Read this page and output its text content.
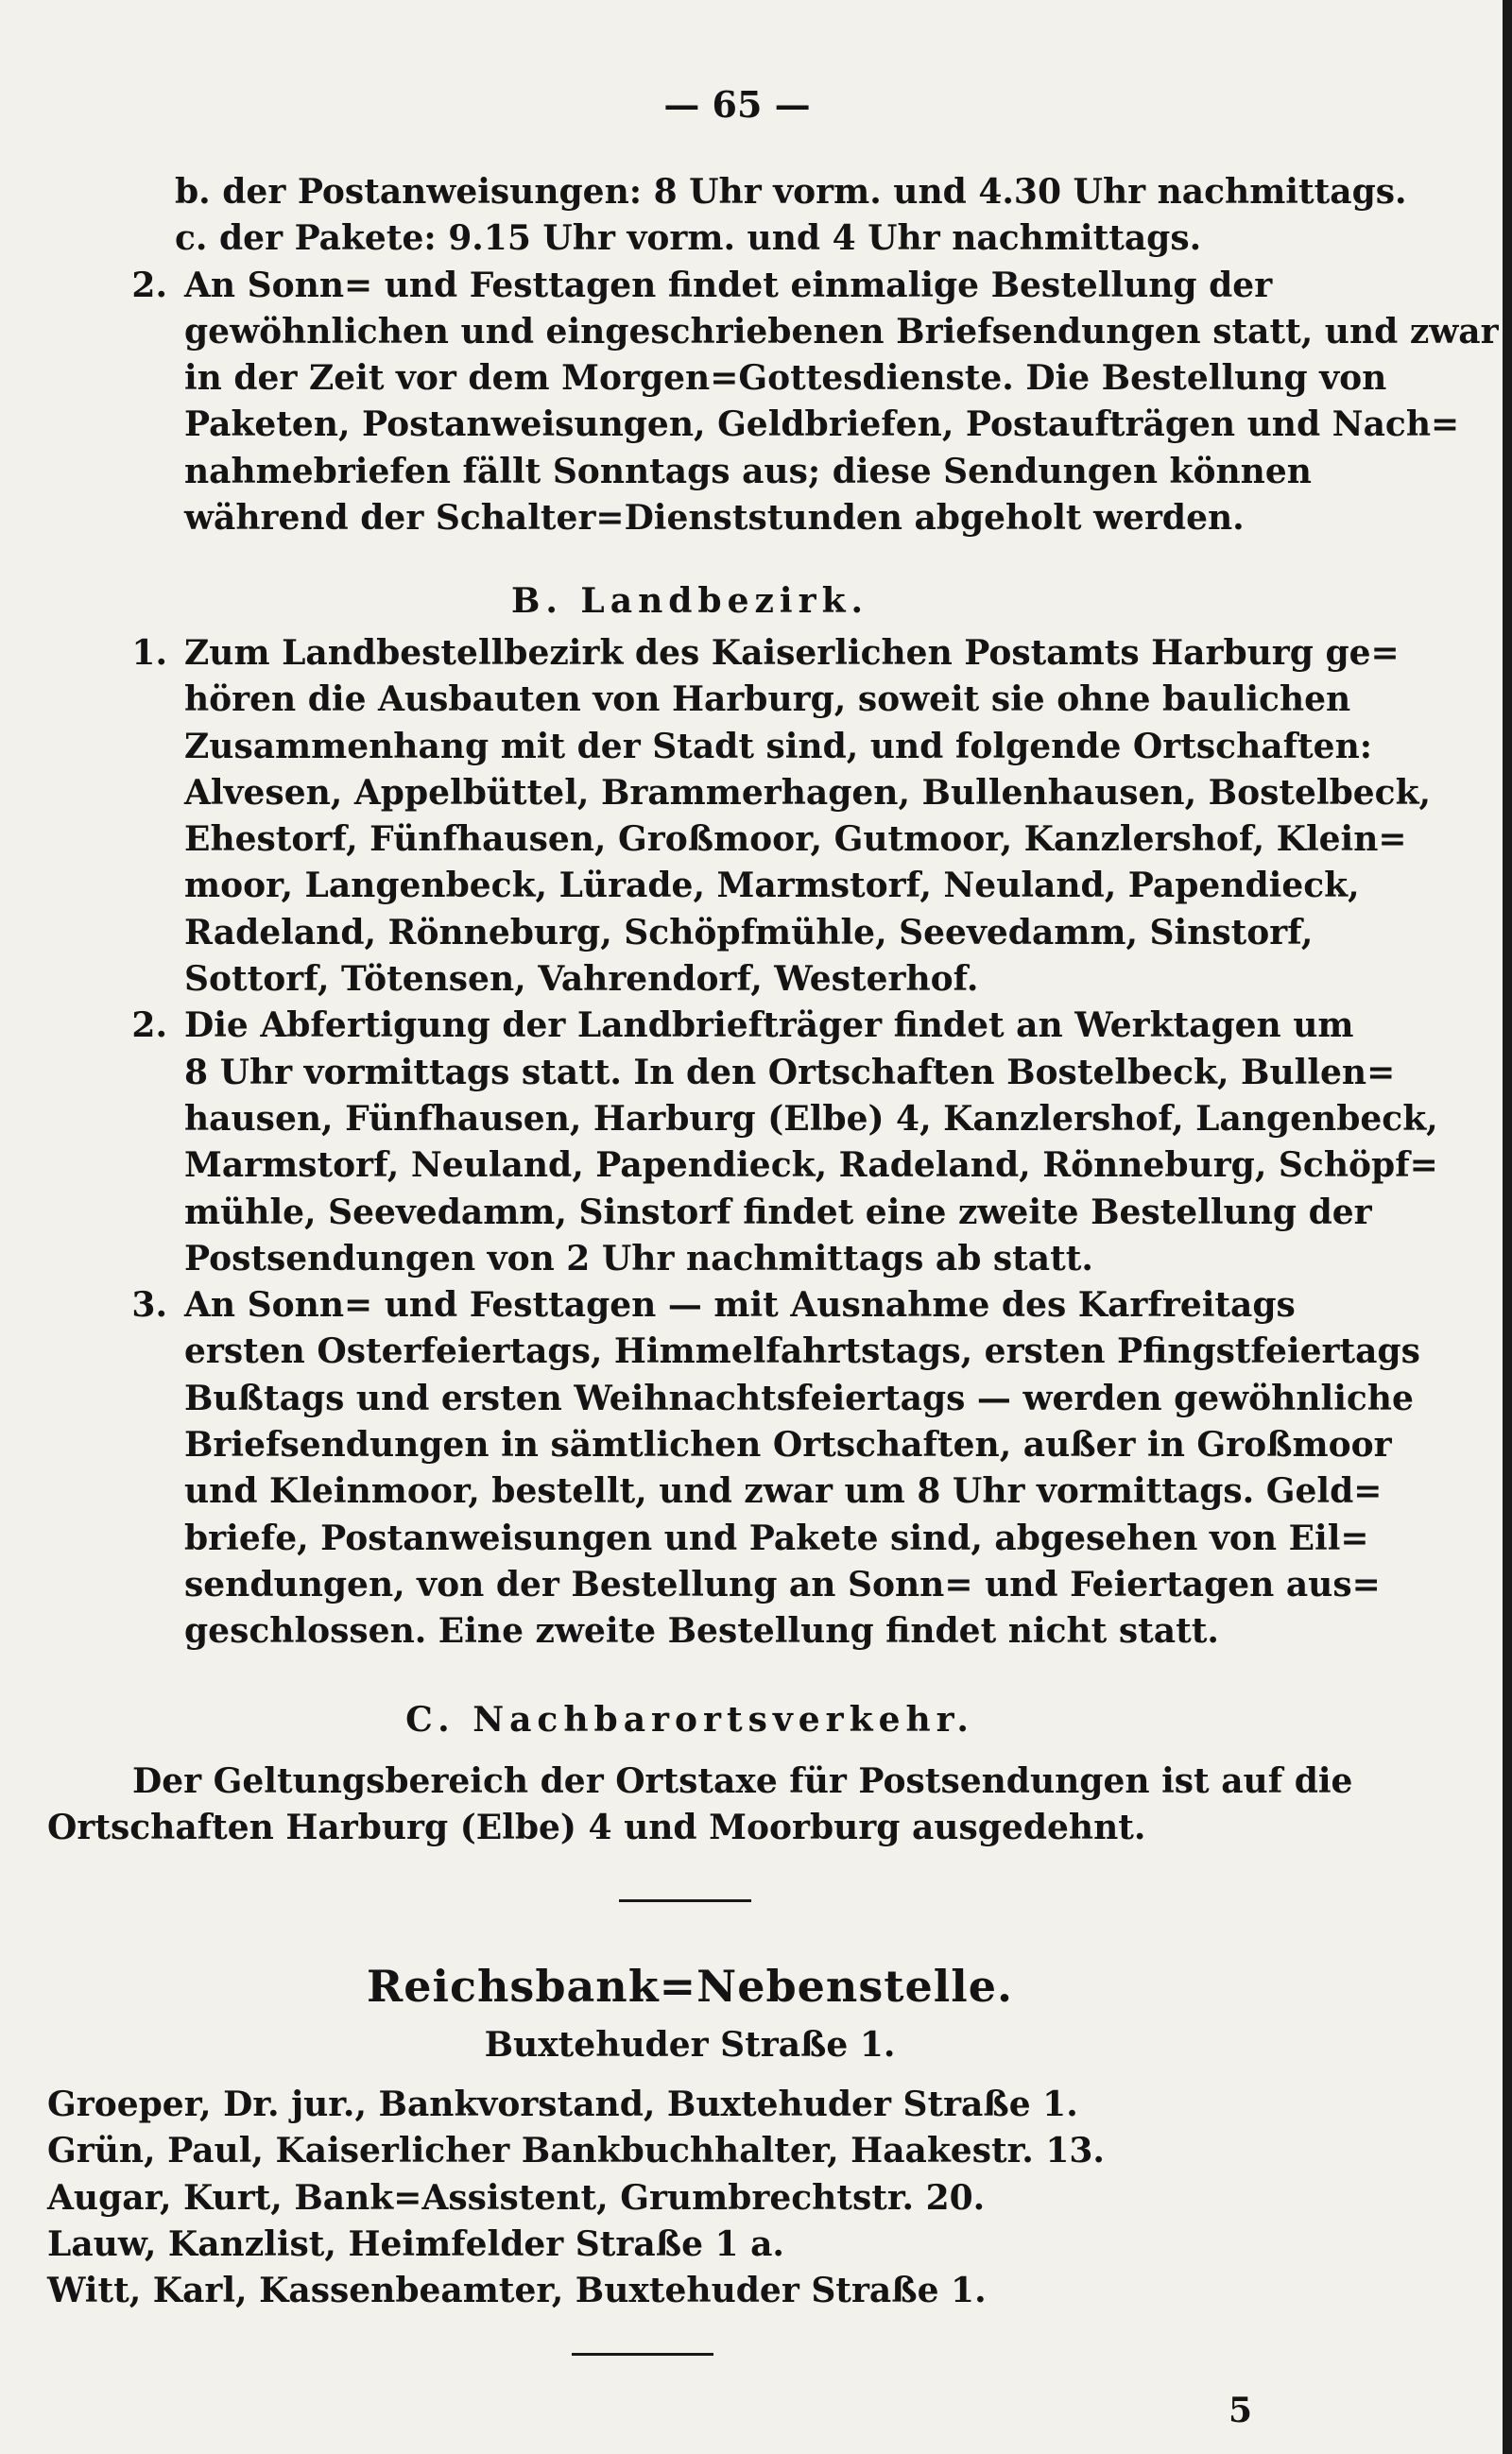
— 65 —
b. der Postanweisungen: 8 Uhr vorm. und 4.30 Uhr nachmittags.
c. der Pakete: 9.15 Uhr vorm. und 4 Uhr nachmittags.
2. An Sonn= und Festtagen findet einmalige Bestellung der
gewöhnlichen und eingeschriebenen Briefsendungen statt, und zwar
in der Zeit vor dem Morgen=Gottesdienste. Die Bestellung von
Paketen, Postanweisungen, Geldbriefen, Postaufträgen und Nach=
nahmebriefen fällt Sonntags aus; diese Sendungen können
während der Schalter=Dienststunden abgeholt werden.
B. Landbezirk.
1. Zum Landbestellbezirk des Kaiserlichen Postamts Harburg ge=
hören die Ausbauten von Harburg, soweit sie ohne baulichen
Zusammenhang mit der Stadt sind, und folgende Ortschaften:
Alvesen, Appelbüttel, Brammerhagen, Bullenhausen, Bostelbeck,
Ehestorf, Fünfhausen, Großmoor, Gutmoor, Kanzlershof, Klein=
moor, Langenbeck, Lürade, Marmstorf, Neuland, Papendieck,
Radeland, Rönneburg, Schöpfmühle, Seevedamm, Sinstorf,
Sottorf, Tötensen, Vahrendorf, Westerhof.
2. Die Abfertigung der Landbriefträger findet an Werktagen um
8 Uhr vormittags statt. In den Ortschaften Bostelbeck, Bullen=
hausen, Fünfhausen, Harburg (Elbe) 4, Kanzlershof, Langenbeck,
Marmstorf, Neuland, Papendieck, Radeland, Rönneburg, Schöpf=
mühle, Seevedamm, Sinstorf findet eine zweite Bestellung der
Postsendungen von 2 Uhr nachmittags ab statt.
3. An Sonn= und Festtagen — mit Ausnahme des Karfreitags
ersten Osterfeiertags, Himmelfahrtstags, ersten Pfingstfeiertags
Bußtags und ersten Weihnachtsfeiertags — werden gewöhnliche
Briefsendungen in sämtlichen Ortschaften, außer in Großmoor
und Kleinmoor, bestellt, und zwar um 8 Uhr vormittags. Geld=
briefe, Postanweisungen und Pakete sind, abgesehen von Eil=
sendungen, von der Bestellung an Sonn= und Feiertagen aus=
geschlossen. Eine zweite Bestellung findet nicht statt.
C. Nachbarortsverkehr.
Der Geltungsbereich der Ortstaxe für Postsendungen ist auf die
Ortschaften Harburg (Elbe) 4 und Moorburg ausgedehnt.
Reichsbank=Nebenstelle.
Buxtehuder Straße 1.
Groeper, Dr. jur., Bankvorstand, Buxtehuder Straße 1.
Grün, Paul, Kaiserlicher Bankbuchhalter, Haakestr. 13.
Augar, Kurt, Bank=Assistent, Grumbrechtstr. 20.
Lauw, Kanzlist, Heimfelder Straße 1 a.
Witt, Karl, Kassenbeamter, Buxtehuder Straße 1.
5
